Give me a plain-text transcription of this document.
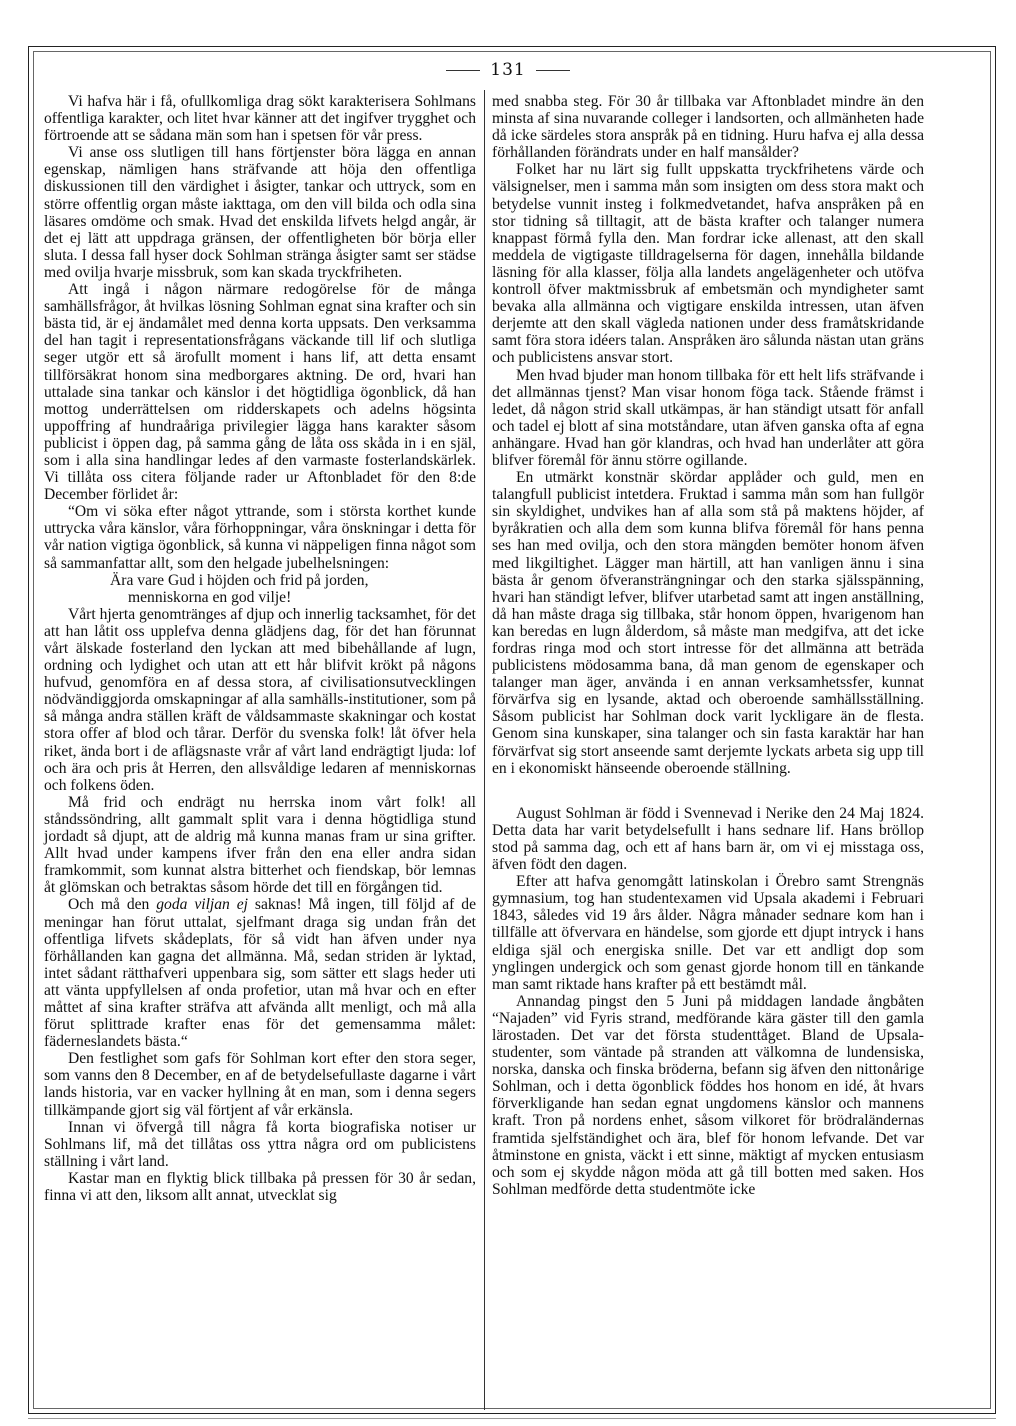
131

Vi hafva här i få, ofullkomliga drag sökt karakterisera Sohlmans offentliga karakter, och litet hvar känner att det ingifver trygghet och förtroende att se sådana män som han i spetsen för vår press.

Vi anse oss slutligen till hans förtjenster böra lägga en annan egenskap, nämligen hans sträfvande att höja den offentliga diskussionen till den värdighet i åsigter, tankar och uttryck, som en större offentlig organ måste iakttaga, om den vill bilda och odla sina läsares omdöme och smak. Hvad det enskilda lifvets helgd angår, är det ej lätt att uppdraga gränsen, der offentligheten bör börja eller sluta. I dessa fall hyser dock Sohlman stränga åsigter samt ser städse med ovilja hvarje missbruk, som kan skada tryckfriheten.

Att ingå i någon närmare redogörelse för de många samhällsfrågor, åt hvilkas lösning Sohlman egnat sina krafter och sin bästa tid, är ej ändamålet med denna korta uppsats. Den verksamma del han tagit i representationsfrågans väckande till lif och slutliga seger utgör ett så ärofullt moment i hans lif, att detta ensamt tillförsäkrat honom sina medborgares aktning. De ord, hvari han uttalade sina tankar och känslor i det högtidliga ögonblick, då han mottog underrättelsen om ridderskapets och adelns högsinta uppoffring af hundraåriga privilegier lägga hans karakter såsom publicist i öppen dag, på samma gång de låta oss skåda in i en själ, som i alla sina handlingar ledes af den varmaste fosterlandskärlek. Vi tillåta oss citera följande rader ur Aftonbladet för den 8:de December förlidet år:

“Om vi söka efter något yttrande, som i största korthet kunde uttrycka våra känslor, våra förhoppningar, våra önskningar i detta för vår nation vigtiga ögonblick, så kunna vi näppeligen finna något som så sammanfattar allt, som den helgade jubelhelsningen:

Ära vare Gud i höjden och frid på jorden,

menniskorna en god vilje!

Vårt hjerta genomtränges af djup och innerlig tacksamhet, för det att han låtit oss upplefva denna glädjens dag, för det han förunnat vårt älskade fosterland den lyckan att med bibehållande af lugn, ordning och lydighet och utan att ett hår blifvit krökt på någons hufvud, genomföra en af dessa stora, af civilisationsutvecklingen nödvändiggjorda omskapningar af alla samhälls-institutioner, som på så många andra ställen kräft de våldsammaste skakningar och kostat stora offer af blod och tårar. Derför du svenska folk! låt öfver hela riket, ända bort i de aflägsnaste vrår af vårt land endrägtigt ljuda: lof och ära och pris åt Herren, den allsvåldige ledaren af menniskornas och folkens öden.

Må frid och endrägt nu herrska inom vårt folk! all ståndssöndring, allt gammalt split vara i denna högtidliga stund jordadt så djupt, att de aldrig må kunna manas fram ur sina grifter. Allt hvad under kampens ifver från den ena eller andra sidan framkommit, som kunnat alstra bitterhet och fiendskap, bör lemnas åt glömskan och betraktas såsom hörde det till en förgången tid.

Och må den goda viljan ej saknas! Må ingen, till följd af de meningar han förut uttalat, sjelfmant draga sig undan från det offentliga lifvets skådeplats, för så vidt han äfven under nya förhållanden kan gagna det allmänna. Må, sedan striden är lyktad, intet sådant rätthafveri uppenbara sig, som sätter ett slags heder uti att vänta uppfyllelsen af onda profetior, utan må hvar och en efter måttet af sina krafter sträfva att afvända allt menligt, och må alla förut splittrade krafter enas för det gemensamma målet: fäderneslandets bästa.“

Den festlighet som gafs för Sohlman kort efter den stora seger, som vanns den 8 December, en af de betydelsefullaste dagarne i vårt lands historia, var en vacker hyllning åt en man, som i denna segers tillkämpande gjort sig väl förtjent af vår erkänsla.

Innan vi öfvergå till några få korta biografiska notiser ur Sohlmans lif, må det tillåtas oss yttra några ord om publicistens ställning i vårt land.

Kastar man en flyktig blick tillbaka på pressen för 30 år sedan, finna vi att den, liksom allt annat, utvecklat sig

med snabba steg. För 30 år tillbaka var Aftonbladet mindre än den minsta af sina nuvarande colleger i landsorten, och allmänheten hade då icke särdeles stora anspråk på en tidning. Huru hafva ej alla dessa förhållanden förändrats under en half mansålder?

Folket har nu lärt sig fullt uppskatta tryckfrihetens värde och välsignelser, men i samma mån som insigten om dess stora makt och betydelse vunnit insteg i folkmedvetandet, hafva anspråken på en stor tidning så tilltagit, att de bästa krafter och talanger numera knappast förmå fylla den. Man fordrar icke allenast, att den skall meddela de vigtigaste tilldragelserna för dagen, innehålla bildande läsning för alla klasser, följa alla landets angelägenheter och utöfva kontroll öfver maktmissbruk af embetsmän och myndigheter samt bevaka alla allmänna och vigtigare enskilda intressen, utan äfven derjemte att den skall vägleda nationen under dess framåtskridande samt föra stora idéers talan. Anspråken äro sålunda nästan utan gräns och publicistens ansvar stort.

Men hvad bjuder man honom tillbaka för ett helt lifs sträfvande i det allmännas tjenst? Man visar honom föga tack. Stående främst i ledet, då någon strid skall utkämpas, är han ständigt utsatt för anfall och tadel ej blott af sina motståndare, utan äfven ganska ofta af egna anhängare. Hvad han gör klandras, och hvad han underlåter att göra blifver föremål för ännu större ogillande.

En utmärkt konstnär skördar applåder och guld, men en talangfull publicist intetdera. Fruktad i samma mån som han fullgör sin skyldighet, undvikes han af alla som stå på maktens höjder, af byråkratien och alla dem som kunna blifva föremål för hans penna ses han med ovilja, och den stora mängden bemöter honom äfven med likgiltighet. Lägger man härtill, att han vanligen ännu i sina bästa år genom öfveransträngningar och den starka själsspänning, hvari han ständigt lefver, blifver utarbetad samt att ingen anställning, då han måste draga sig tillbaka, står honom öppen, hvarigenom han kan beredas en lugn ålderdom, så måste man medgifva, att det icke fordras ringa mod och stort intresse för det allmänna att beträda publicistens mödosamma bana, då man genom de egenskaper och talanger man äger, använda i en annan verksamhetssfer, kunnat förvärfva sig en lysande, aktad och oberoende samhällsställning. Såsom publicist har Sohlman dock varit lyckligare än de flesta. Genom sina kunskaper, sina talanger och sin fasta karaktär har han förvärfvat sig stort anseende samt derjemte lyckats arbeta sig upp till en i ekonomiskt hänseende oberoende ställning.

August Sohlman är född i Svennevad i Nerike den 24 Maj 1824. Detta data har varit betydelsefullt i hans sednare lif. Hans bröllop stod på samma dag, och ett af hans barn är, om vi ej misstaga oss, äfven födt den dagen.

Efter att hafva genomgått latinskolan i Örebro samt Strengnäs gymnasium, tog han studentexamen vid Upsala akademi i Februari 1843, således vid 19 års ålder. Några månader sednare kom han i tillfälle att öfvervara en händelse, som gjorde ett djupt intryck i hans eldiga själ och energiska snille. Det var ett andligt dop som ynglingen undergick och som genast gjorde honom till en tänkande man samt riktade hans krafter på ett bestämdt mål.

Annandag pingst den 5 Juni på middagen landade ångbåten “Najaden” vid Fyris strand, medförande kära gäster till den gamla lärostaden. Det var det första studenttåget. Bland de Upsala-studenter, som väntade på stranden att välkomna de lundensiska, norska, danska och finska bröderna, befann sig äfven den nittonårige Sohlman, och i detta ögonblick föddes hos honom en idé, åt hvars förverkligande han sedan egnat ungdomens känslor och mannens kraft. Tron på nordens enhet, såsom vilkoret för brödraländernas framtida sjelfständighet och ära, blef för honom lefvande. Det var åtminstone en gnista, väckt i ett sinne, mäktigt af mycken entusiasm och som ej skydde någon möda att gå till botten med saken. Hos Sohlman medförde detta studentmöte icke
